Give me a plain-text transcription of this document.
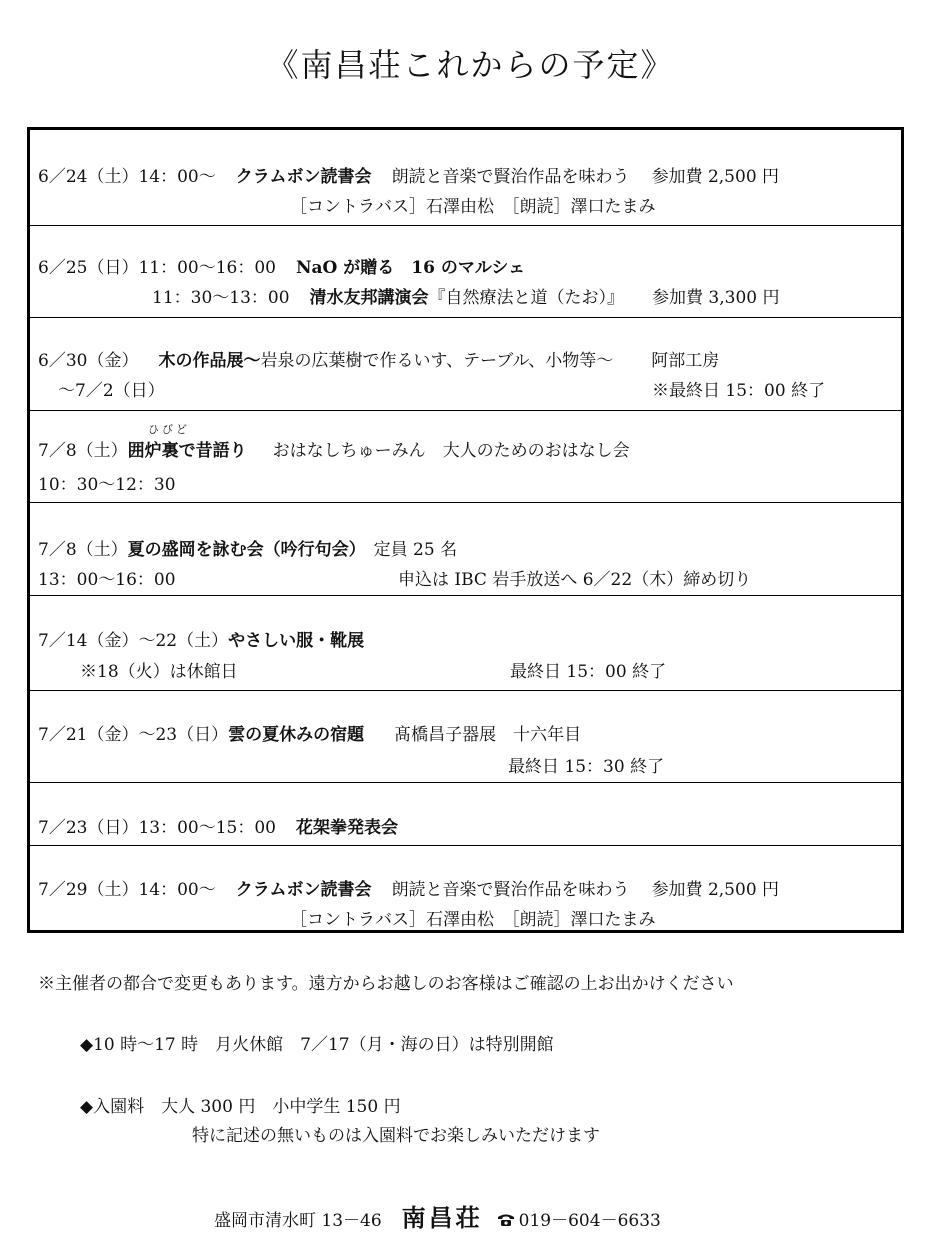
《南昌荘これからの予定》
6／24（土）14：00～ クラムボン読書会 朗読と音楽で賢治作品を味わう 参加費 2,500 円
［コントラバス］石澤由松　［朗読］澤口たまみ
6／25（日）11：00～16：00 NaO が贈る　16 のマルシェ
11：30～13：00 清水友邦講演会『自然療法と道（たお）』 参加費 3,300 円
6／30（金） 木の作品展～岩泉の広葉樹で作るいす、テーブル、小物等～ 阿部工房
～7／2（日）	※最終日 15：00 終了
ひびど
7／8（土）囲炉裏で昔語り おはなしちゅーみん　大人のためのおはなし会
10：30～12：30
7／8（土）夏の盛岡を詠む会（吟行句会） 定員 25 名
13：00～16：00	申込は IBC 岩手放送へ 6／22（木）締め切り
7／14（金）～22（土）やさしい服・靴展
※18（火）は休館日	最終日 15：00 終了
7／21（金）～23（日）雲の夏休みの宿題 髙橋昌子器展　十六年目
最終日 15：30 終了
7／23（日）13：00～15：00 花架拳発表会
7／29（土）14：00～ クラムボン読書会 朗読と音楽で賢治作品を味わう 参加費 2,500 円
［コントラバス］石澤由松　［朗読］澤口たまみ
※主催者の都合で変更もあります。遠方からお越しのお客様はご確認の上お出かけください
◆10 時～17 時　月火休館　7／17（月・海の日）は特別開館
◆入園料　大人 300 円　小中学生 150 円
特に記述の無いものは入園料でお楽しみいただけます
盛岡市清水町 13－46 南昌荘 019－604－6633
